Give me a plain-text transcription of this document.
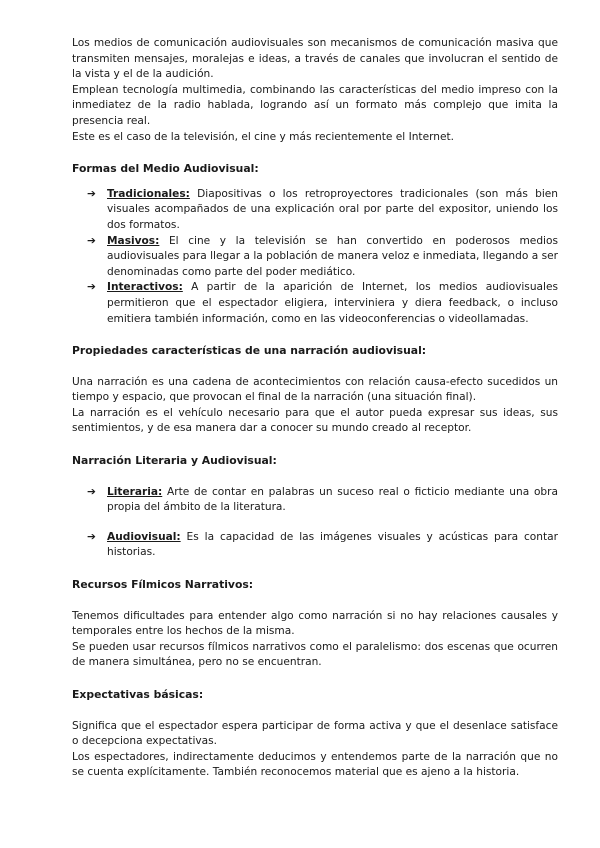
Los medios de comunicación audiovisuales son mecanismos de comunicación masiva que transmiten mensajes, moralejas e ideas, a través de canales que involucran el sentido de la vista y el de la audición.

Emplean tecnología multimedia, combinando las características del medio impreso con la inmediatez de la radio hablada, logrando así un formato más complejo que imita la presencia real.

Este es el caso de la televisión, el cine y más recientemente el Internet.

Formas del Medio Audiovisual:
➔ Tradicionales: Diapositivas o los retroproyectores tradicionales (son más bien visuales acompañados de una explicación oral por parte del expositor, uniendo los dos formatos.
➔ Masivos: El cine y la televisión se han convertido en poderosos medios audiovisuales para llegar a la población de manera veloz e inmediata, llegando a ser denominadas como parte del poder mediático.
➔ Interactivos: A partir de la aparición de Internet, los medios audiovisuales permitieron que el espectador eligiera, interviniera y diera feedback, o incluso emitiera también información, como en las videoconferencias o videollamadas.
Propiedades características de una narración audiovisual:

Una narración es una cadena de acontecimientos con relación causa-efecto sucedidos un tiempo y espacio, que provocan el final de la narración (una situación final).

La narración es el vehículo necesario para que el autor pueda expresar sus ideas, sus sentimientos, y de esa manera dar a conocer su mundo creado al receptor.

Narración Literaria y Audiovisual:
➔ Literaria: Arte de contar en palabras un suceso real o ficticio mediante una obra propia del ámbito de la literatura.
➔ Audiovisual: Es la capacidad de las imágenes visuales y acústicas para contar historias.
Recursos Fílmicos Narrativos:

Tenemos dificultades para entender algo como narración si no hay relaciones causales y temporales entre los hechos de la misma.

Se pueden usar recursos fílmicos narrativos como el paralelismo: dos escenas que ocurren de manera simultánea, pero no se encuentran.

Expectativas básicas:

Significa que el espectador espera participar de forma activa y que el desenlace satisface o decepciona expectativas.

Los espectadores, indirectamente deducimos y entendemos parte de la narración que no se cuenta explícitamente. También reconocemos material que es ajeno a la historia.
